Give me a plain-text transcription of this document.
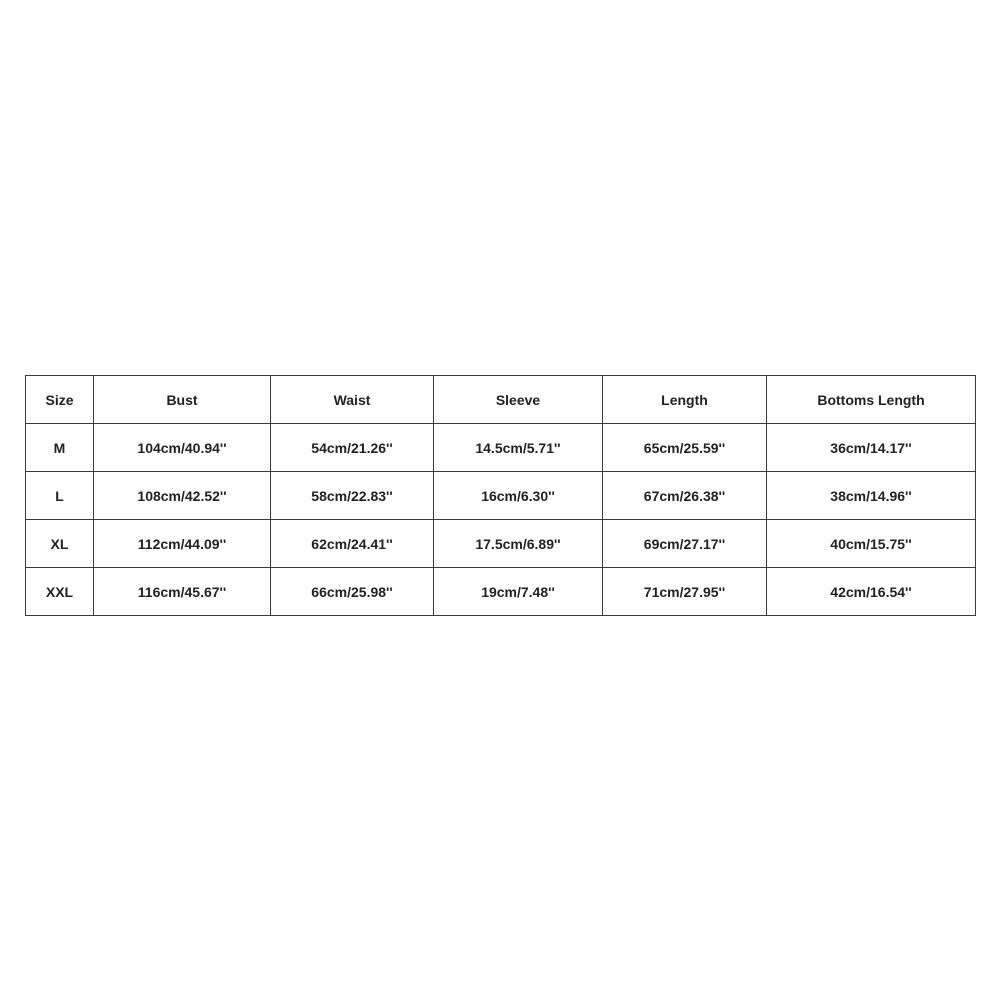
Size	Bust	Waist	Sleeve	Length	Bottoms Length
M	104cm/40.94''	54cm/21.26''	14.5cm/5.71''	65cm/25.59''	36cm/14.17''
L	108cm/42.52''	58cm/22.83''	16cm/6.30''	67cm/26.38''	38cm/14.96''
XL	112cm/44.09''	62cm/24.41''	17.5cm/6.89''	69cm/27.17''	40cm/15.75''
XXL	116cm/45.67''	66cm/25.98''	19cm/7.48''	71cm/27.95''	42cm/16.54''
